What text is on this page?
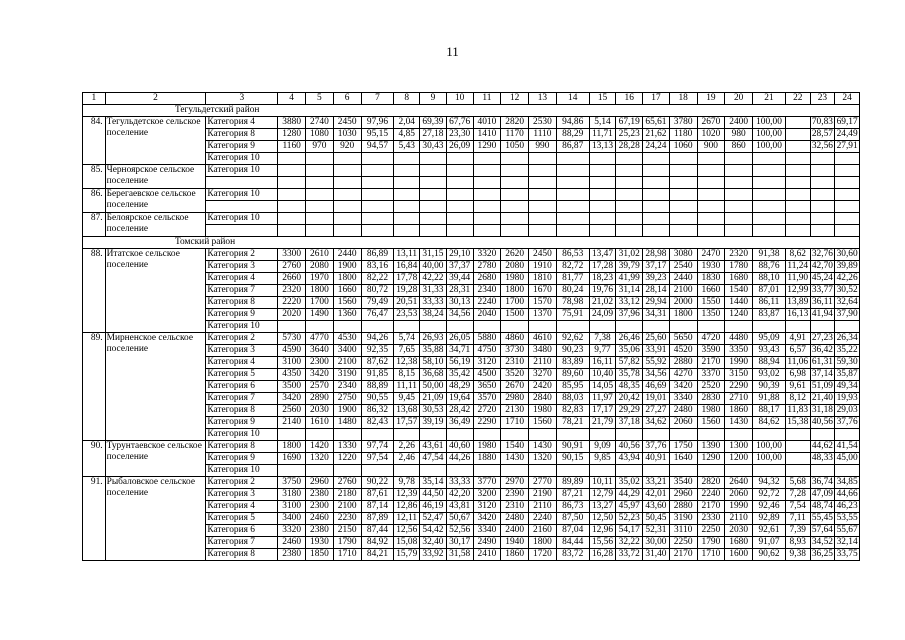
11
1	2	3	4	5	6	7	8	9	10	11	12	13	14	15	16	17	18	19	20	21	22	23	24
Тегульдетский район																							
84.	Тегульдетское сельское поселение	Категория 4	3880	2740	2450	97,96	2,04	69,39	67,76	4010	2820	2530	94,86	5,14	67,19	65,61	3780	2670	2400	100,00		70,83	69,17
		Категория 8	1280	1080	1030	95,15	4,85	27,18	23,30	1410	1170	1110	88,29	11,71	25,23	21,62	1180	1020	980	100,00		28,57	24,49
		Категория 9	1160	970	920	94,57	5,43	30,43	26,09	1290	1050	990	86,87	13,13	28,28	24,24	1060	900	860	100,00		32,56	27,91
		Категория 10																					
85.	Черноярское сельское поселение	Категория 10																					

86.	Берегаевское сельское поселение	Категория 10																					

87.	Белоярское сельское поселение	Категория 10																					

Томский район																							
88.	Итатское сельское поселение	Категория 2	3300	2610	2440	86,89	13,11	31,15	29,10	3320	2620	2450	86,53	13,47	31,02	28,98	3080	2470	2320	91,38	8,62	32,76	30,60
		Категория 3	2760	2080	1900	83,16	16,84	40,00	37,37	2780	2080	1910	82,72	17,28	39,79	37,17	2540	1930	1780	88,76	11,24	42,70	39,89
		Категория 4	2660	1970	1800	82,22	17,78	42,22	39,44	2680	1980	1810	81,77	18,23	41,99	39,23	2440	1830	1680	88,10	11,90	45,24	42,26
		Категория 7	2320	1800	1660	80,72	19,28	31,33	28,31	2340	1800	1670	80,24	19,76	31,14	28,14	2100	1660	1540	87,01	12,99	33,77	30,52
		Категория 8	2220	1700	1560	79,49	20,51	33,33	30,13	2240	1700	1570	78,98	21,02	33,12	29,94	2000	1550	1440	86,11	13,89	36,11	32,64
		Категория 9	2020	1490	1360	76,47	23,53	38,24	34,56	2040	1500	1370	75,91	24,09	37,96	34,31	1800	1350	1240	83,87	16,13	41,94	37,90
		Категория 10																					
89.	Мирненское сельское поселение	Категория 2	5730	4770	4530	94,26	5,74	26,93	26,05	5880	4860	4610	92,62	7,38	26,46	25,60	5650	4720	4480	95,09	4,91	27,23	26,34
		Категория 3	4590	3640	3400	92,35	7,65	35,88	34,71	4750	3730	3480	90,23	9,77	35,06	33,91	4520	3590	3350	93,43	6,57	36,42	35,22
		Категория 4	3100	2300	2100	87,62	12,38	58,10	56,19	3120	2310	2110	83,89	16,11	57,82	55,92	2880	2170	1990	88,94	11,06	61,31	59,30
		Категория 5	4350	3420	3190	91,85	8,15	36,68	35,42	4500	3520	3270	89,60	10,40	35,78	34,56	4270	3370	3150	93,02	6,98	37,14	35,87
		Категория 6	3500	2570	2340	88,89	11,11	50,00	48,29	3650	2670	2420	85,95	14,05	48,35	46,69	3420	2520	2290	90,39	9,61	51,09	49,34
		Категория 7	3420	2890	2750	90,55	9,45	21,09	19,64	3570	2980	2840	88,03	11,97	20,42	19,01	3340	2830	2710	91,88	8,12	21,40	19,93
		Категория 8	2560	2030	1900	86,32	13,68	30,53	28,42	2720	2130	1980	82,83	17,17	29,29	27,27	2480	1980	1860	88,17	11,83	31,18	29,03
		Категория 9	2140	1610	1480	82,43	17,57	39,19	36,49	2290	1710	1560	78,21	21,79	37,18	34,62	2060	1560	1430	84,62	15,38	40,56	37,76
		Категория 10																					
90.	Турунтаевское сельское поселение	Категория 8	1800	1420	1330	97,74	2,26	43,61	40,60	1980	1540	1430	90,91	9,09	40,56	37,76	1750	1390	1300	100,00		44,62	41,54
		Категория 9	1690	1320	1220	97,54	2,46	47,54	44,26	1880	1430	1320	90,15	9,85	43,94	40,91	1640	1290	1200	100,00		48,33	45,00
		Категория 10																					
91.	Рыбаловское сельское поселение	Категория 2	3750	2960	2760	90,22	9,78	35,14	33,33	3770	2970	2770	89,89	10,11	35,02	33,21	3540	2820	2640	94,32	5,68	36,74	34,85
		Категория 3	3180	2380	2180	87,61	12,39	44,50	42,20	3200	2390	2190	87,21	12,79	44,29	42,01	2960	2240	2060	92,72	7,28	47,09	44,66
		Категория 4	3100	2300	2100	87,14	12,86	46,19	43,81	3120	2310	2110	86,73	13,27	45,97	43,60	2880	2170	1990	92,46	7,54	48,74	46,23
		Категория 5	3400	2460	2230	87,89	12,11	52,47	50,67	3420	2480	2240	87,50	12,50	52,23	50,45	3190	2330	2110	92,89	7,11	55,45	53,55
		Категория 6	3320	2380	2150	87,44	12,56	54,42	52,56	3340	2400	2160	87,04	12,96	54,17	52,31	3110	2250	2030	92,61	7,39	57,64	55,67
		Категория 7	2460	1930	1790	84,92	15,08	32,40	30,17	2490	1940	1800	84,44	15,56	32,22	30,00	2250	1790	1680	91,07	8,93	34,52	32,14
		Категория 8	2380	1850	1710	84,21	15,79	33,92	31,58	2410	1860	1720	83,72	16,28	33,72	31,40	2170	1710	1600	90,62	9,38	36,25	33,75
